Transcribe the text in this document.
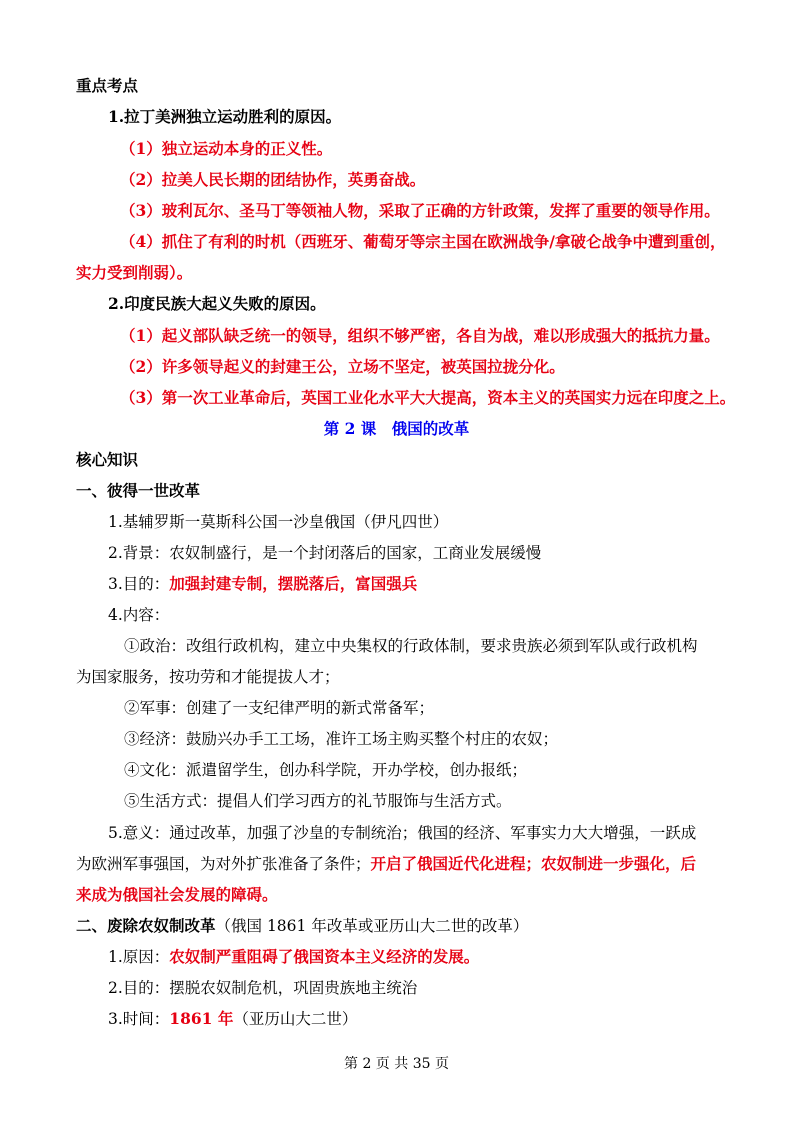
重点考点
1.拉丁美洲独立运动胜利的原因。
（1）独立运动本身的正义性。
（2）拉美人民长期的团结协作，英勇奋战。
（3）玻利瓦尔、圣马丁等领袖人物，采取了正确的方针政策，发挥了重要的领导作用。
（4）抓住了有利的时机（西班牙、葡萄牙等宗主国在欧洲战争/拿破仑战争中遭到重创，
实力受到削弱）。
2.印度民族大起义失败的原因。
（1）起义部队缺乏统一的领导，组织不够严密，各自为战，难以形成强大的抵抗力量。
（2）许多领导起义的封建王公，立场不坚定，被英国拉拢分化。
（3）第一次工业革命后，英国工业化水平大大提高，资本主义的英国实力远在印度之上。
第 2 课　俄国的改革
核心知识
一、彼得一世改革
1.基辅罗斯一莫斯科公国一沙皇俄国（伊凡四世）
2.背景：农奴制盛行，是一个封闭落后的国家，工商业发展缓慢
3.目的：加强封建专制，摆脱落后，富国强兵
4.内容：
①政治：改组行政机构，建立中央集权的行政体制，要求贵族必须到军队或行政机构
为国家服务，按功劳和才能提拔人才；
②军事：创建了一支纪律严明的新式常备军；
③经济：鼓励兴办手工工场，准许工场主购买整个村庄的农奴；
④文化：派遣留学生，创办科学院，开办学校，创办报纸；
⑤生活方式：提倡人们学习西方的礼节服饰与生活方式。
5.意义：通过改革，加强了沙皇的专制统治；俄国的经济、军事实力大大增强，一跃成
为欧洲军事强国，为对外扩张准备了条件；开启了俄国近代化进程；农奴制进一步强化，后
来成为俄国社会发展的障碍。
二、废除农奴制改革（俄国 1861 年改革或亚历山大二世的改革）
1.原因：农奴制严重阻碍了俄国资本主义经济的发展。
2.目的：摆脱农奴制危机，巩固贵族地主统治
3.时间：1861 年（亚历山大二世）
第 2 页 共 35 页
